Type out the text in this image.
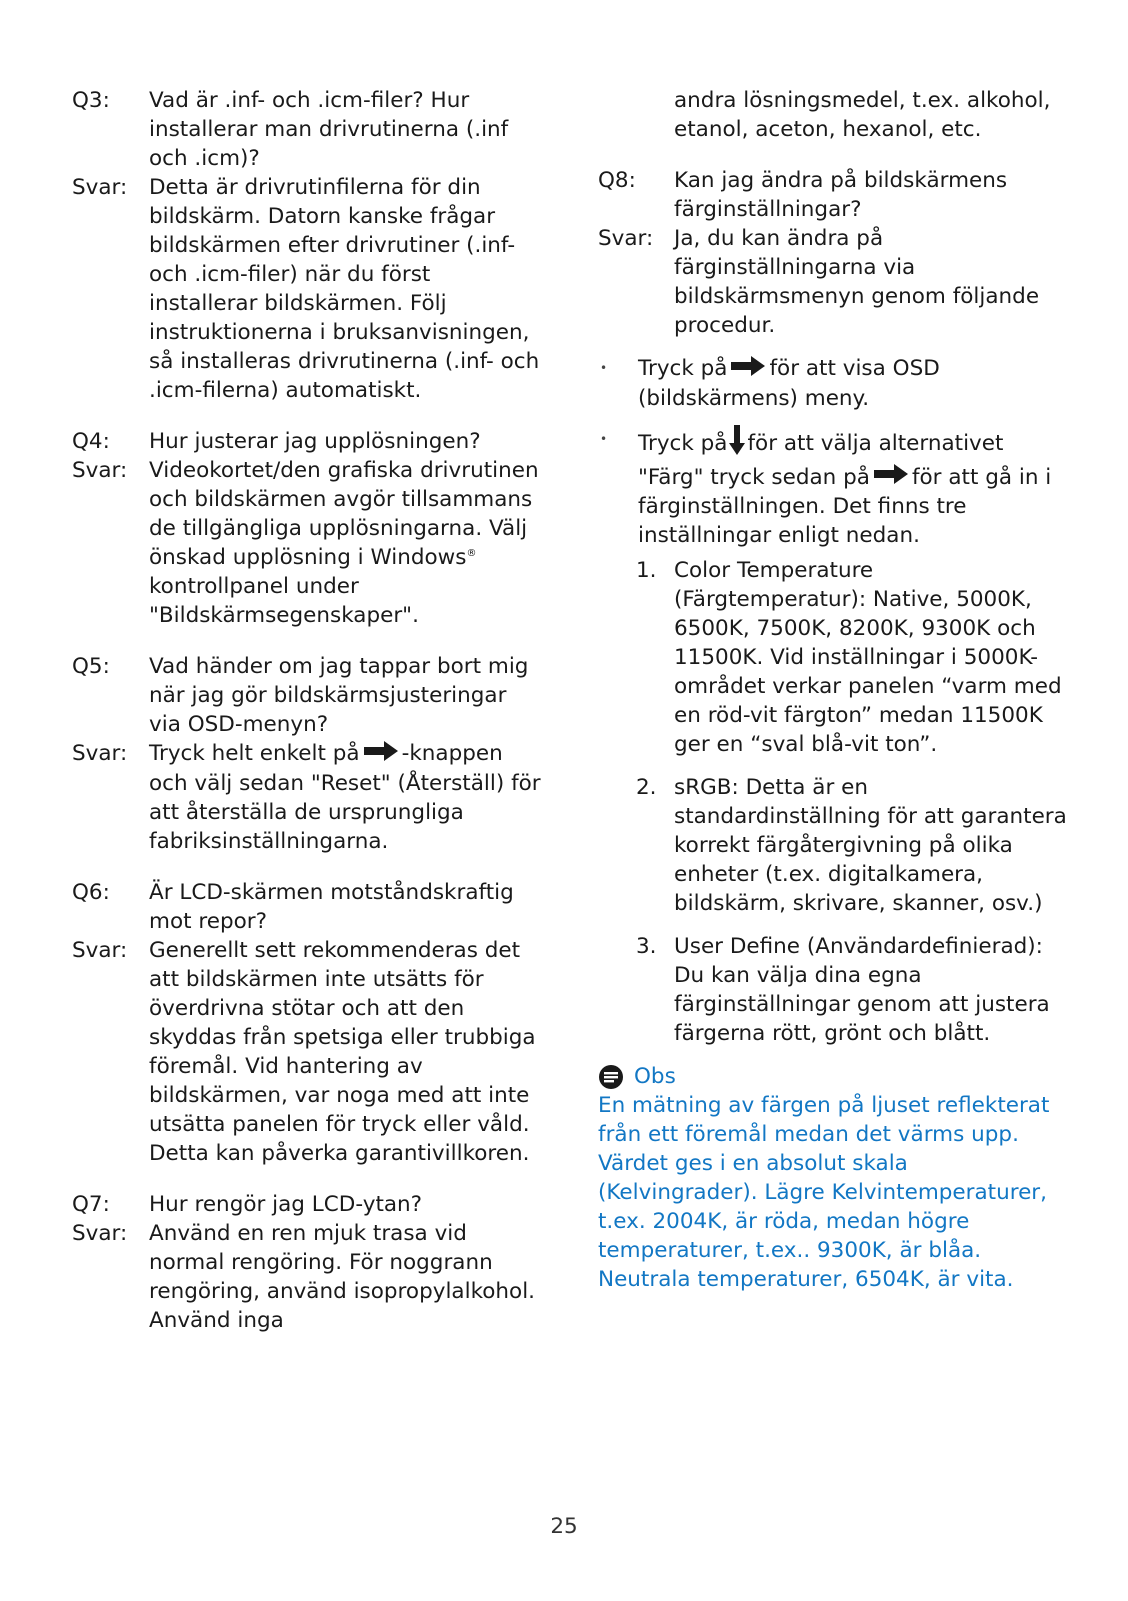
Q3:	Vad är .inf- och .icm-filer? Hur installerar man drivrutinerna (.inf och .icm)?
Svar:	Detta är drivrutinfilerna för din bildskärm. Datorn kanske frågar bildskärmen efter drivrutiner (.inf- och .icm-filer) när du först installerar bildskärmen. Följ instruktionerna i bruksanvisningen, så installeras drivrutinerna (.inf- och .icm-filerna) automatiskt.
Q4:	Hur justerar jag upplösningen?
Svar:	Videokortet/den grafiska drivrutinen och bildskärmen avgör tillsammans de tillgängliga upplösningarna. Välj önskad upplösning i Windows® kontrollpanel under "Bildskärmsegenskaper".
Q5:	Vad händer om jag tappar bort mig när jag gör bildskärmsjusteringar via OSD-menyn?
Svar:	Tryck helt enkelt på -knappen och välj sedan "Reset" (Återställ) för att återställa de ursprungliga fabriksinställningarna.
Q6:	Är LCD-skärmen motståndskraftig mot repor?
Svar:	Generellt sett rekommenderas det att bildskärmen inte utsätts för överdrivna stötar och att den skyddas från spetsiga eller trubbiga föremål. Vid hantering av bildskärmen, var noga med att inte utsätta panelen för tryck eller våld. Detta kan påverka garantivillkoren.
Q7:	Hur rengör jag LCD-ytan?
Svar:	Använd en ren mjuk trasa vid normal rengöring. För noggrann rengöring, använd isopropylalkohol. Använd inga
andra lösningsmedel, t.ex. alkohol, etanol, aceton, hexanol, etc.
Q8:	Kan jag ändra på bildskärmens färginställningar?
Svar: Ja, du kan ändra på färginställningarna via bildskärmsmenyn genom följande procedur.
•	Tryck på för att visa OSD (bildskärmens) meny.
•	Tryck på för att välja alternativet "Färg" tryck sedan på för att gå in i färginställningen. Det finns tre inställningar enligt nedan.
1. Color Temperature (Färgtemperatur): Native, 5000K, 6500K, 7500K, 8200K, 9300K och 11500K. Vid inställningar i 5000K-området verkar panelen “varm med en röd-vit färgton” medan 11500K ger en “sval blå-vit ton”.
2. sRGB: Detta är en standardinställning för att garantera korrekt färgåtergivning på olika enheter (t.ex. digitalkamera, bildskärm, skrivare, skanner, osv.)
3. User Define (Användardefinierad): Du kan välja dina egna färginställningar genom att justera färgerna rött, grönt och blått.
Obs
En mätning av färgen på ljuset reflekterat från ett föremål medan det värms upp. Värdet ges i en absolut skala (Kelvingrader). Lägre Kelvintemperaturer, t.ex. 2004K, är röda, medan högre temperaturer, t.ex.. 9300K, är blåa. Neutrala temperaturer, 6504K, är vita.
25
